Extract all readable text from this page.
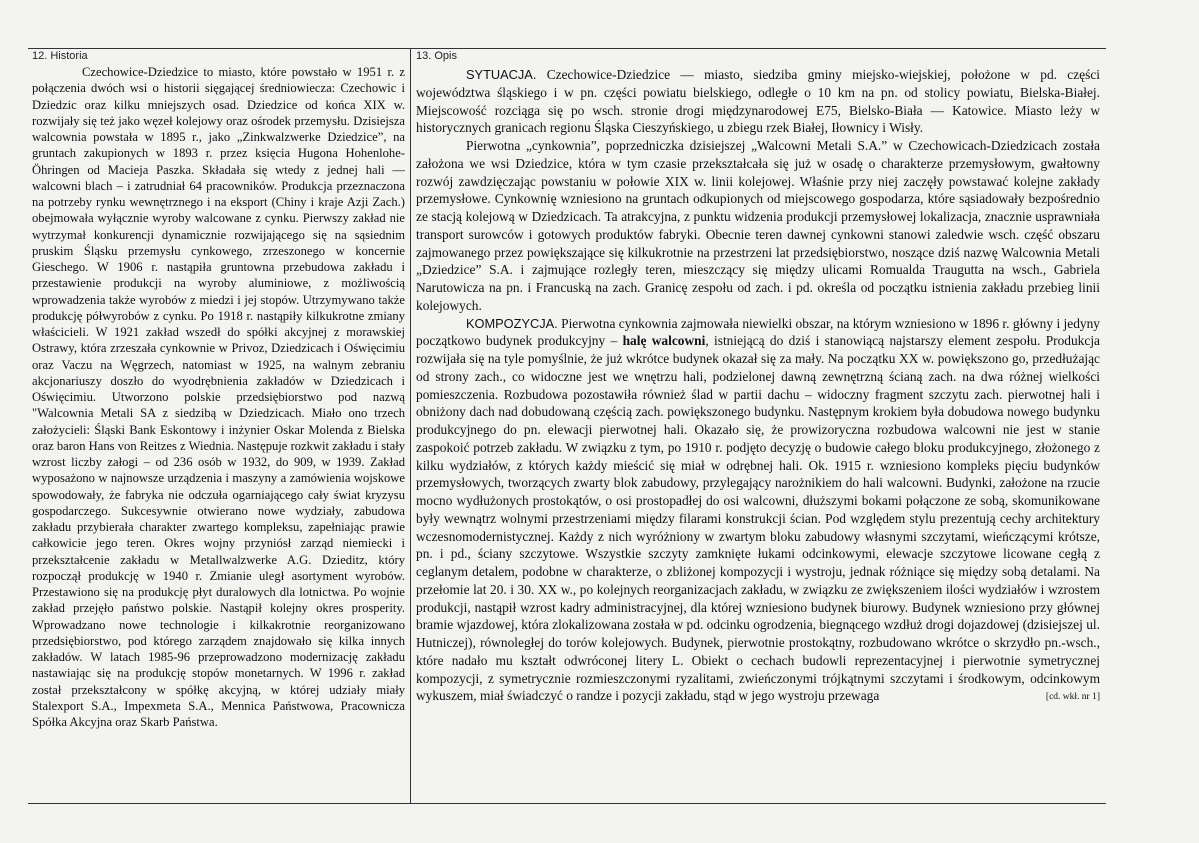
12. Historia	13. Opis

Czechowice-Dziedzice to miasto, które powstało w 1951 r. z połączenia dwóch wsi o historii sięgającej średniowiecza: Czechowic i Dziedzic oraz kilku mniejszych osad. Dziedzice od końca XIX w. rozwijały się też jako węzeł kolejowy oraz ośrodek przemysłu. Dzisiejsza walcownia powstała w 1895 r., jako „Zinkwalzwerke Dziedzice”, na gruntach zakupionych w 1893 r. przez księcia Hugona Hohenlohe-Öhringen od Macieja Paszka. Składała się wtedy z jednej hali — walcowni blach – i zatrudniał 64 pracowników. Produkcja przeznaczona na potrzeby rynku wewnętrznego i na eksport (Chiny i kraje Azji Zach.) obejmowała wyłącznie wyroby walcowane z cynku. Pierwszy zakład nie wytrzymał konkurencji dynamicznie rozwijającego się na sąsiednim pruskim Śląsku przemysłu cynkowego, zrzeszonego w koncernie Gieschego. W 1906 r. nastąpiła gruntowna przebudowa zakładu i przestawienie produkcji na wyroby aluminiowe, z możliwością wprowadzenia także wyrobów z miedzi i jej stopów. Utrzymywano także produkcję półwyrobów z cynku. Po 1918 r. nastąpiły kilkukrotne zmiany właścicieli. W 1921 zakład wszedł do spółki akcyjnej z morawskiej Ostrawy, która zrzeszała cynkownie w Privoz, Dziedzicach i Oświęcimiu oraz Vaczu na Węgrzech, natomiast w 1925, na walnym zebraniu akcjonariuszy doszło do wyodrębnienia zakładów w Dziedzicach i Oświęcimiu. Utworzono polskie przedsiębiorstwo pod nazwą "Walcownia Metali SA z siedzibą w Dziedzicach. Miało ono trzech założycieli: Śląski Bank Eskontowy i inżynier Oskar Molenda z Bielska oraz baron Hans von Reitzes z Wiednia. Następuje rozkwit zakładu i stały wzrost liczby załogi – od 236 osób w 1932, do 909, w 1939. Zakład wyposażono w najnowsze urządzenia i maszyny a zamówienia wojskowe spowodowały, że fabryka nie odczuła ogarniającego cały świat kryzysu gospodarczego. Sukcesywnie otwierano nowe wydziały, zabudowa zakładu przybierała charakter zwartego kompleksu, zapełniając prawie całkowicie jego teren. Okres wojny przyniósł zarząd niemiecki i przekształcenie zakładu w Metallwalzwerke A.G. Dzieditz, który rozpoczął produkcję w 1940 r. Zmianie uległ asortyment wyrobów. Przestawiono się na produkcję płyt duralowych dla lotnictwa. Po wojnie zakład przejęło państwo polskie. Nastąpił kolejny okres prosperity. Wprowadzano nowe technologie i kilkakrotnie reorganizowano przedsiębiorstwo, pod którego zarządem znajdowało się kilka innych zakładów. W latach 1985-96 przeprowadzono modernizację zakładu nastawiając się na produkcję stopów monetarnych. W 1996 r. zakład został przekształcony w spółkę akcyjną, w której udziały miały Stalexport S.A., Impexmeta S.A., Mennica Państwowa, Pracownicza Spółka Akcyjna oraz Skarb Państwa.

SYTUACJA. Czechowice-Dziedzice — miasto, siedziba gminy miejsko-wiejskiej, położone w pd. części województwa śląskiego i w pn. części powiatu bielskiego, odległe o 10 km na pn. od stolicy powiatu, Bielska-Białej. Miejscowość rozciąga się po wsch. stronie drogi międzynarodowej E75, Bielsko-Biała — Katowice. Miasto leży w historycznych granicach regionu Śląska Cieszyńskiego, u zbiegu rzek Białej, Iłownicy i Wisły.

Pierwotna „cynkownia”, poprzedniczka dzisiejszej „Walcowni Metali S.A.” w Czechowicach-Dziedzicach została założona we wsi Dziedzice, która w tym czasie przekształcała się już w osadę o charakterze przemysłowym, gwałtowny rozwój zawdzięczając powstaniu w połowie XIX w. linii kolejowej. Właśnie przy niej zaczęły powstawać kolejne zakłady przemysłowe. Cynkownię wzniesiono na gruntach odkupionych od miejscowego gospodarza, które sąsiadowały bezpośrednio ze stacją kolejową w Dziedzicach. Ta atrakcyjna, z punktu widzenia produkcji przemysłowej lokalizacja, znacznie usprawniała transport surowców i gotowych produktów fabryki. Obecnie teren dawnej cynkowni stanowi zaledwie wsch. część obszaru zajmowanego przez powiększające się kilkukrotnie na przestrzeni lat przedsiębiorstwo, noszące dziś nazwę Walcownia Metali „Dziedzice” S.A. i zajmujące rozległy teren, mieszczący się między ulicami Romualda Traugutta na wsch., Gabriela Narutowicza na pn. i Francuską na zach. Granicę zespołu od zach. i pd. określa od początku istnienia zakładu przebieg linii kolejowych.

KOMPOZYCJA. Pierwotna cynkownia zajmowała niewielki obszar, na którym wzniesiono w 1896 r. główny i jedyny początkowo budynek produkcyjny – halę walcowni, istniejącą do dziś i stanowiącą najstarszy element zespołu. Produkcja rozwijała się na tyle pomyślnie, że już wkrótce budynek okazał się za mały. Na początku XX w. powiększono go, przedłużając od strony zach., co widoczne jest we wnętrzu hali, podzielonej dawną zewnętrzną ścianą zach. na dwa różnej wielkości pomieszczenia. Rozbudowa pozostawiła również ślad w partii dachu – widoczny fragment szczytu zach. pierwotnej hali i obniżony dach nad dobudowaną częścią zach. powiększonego budynku. Następnym krokiem była dobudowa nowego budynku produkcyjnego do pn. elewacji pierwotnej hali. Okazało się, że prowizoryczna rozbudowa walcowni nie jest w stanie zaspokoić potrzeb zakładu. W związku z tym, po 1910 r. podjęto decyzję o budowie całego bloku produkcyjnego, złożonego z kilku wydziałów, z których każdy mieścić się miał w odrębnej hali. Ok. 1915 r. wzniesiono kompleks pięciu budynków przemysłowych, tworzących zwarty blok zabudowy, przylegający narożnikiem do hali walcowni. Budynki, założone na rzucie mocno wydłużonych prostokątów, o osi prostopadłej do osi walcowni, dłuższymi bokami połączone ze sobą, skomunikowane były wewnątrz wolnymi przestrzeniami między filarami konstrukcji ścian. Pod względem stylu prezentują cechy architektury wczesnomodernistycznej. Każdy z nich wyróżniony w zwartym bloku zabudowy własnymi szczytami, wieńczącymi krótsze, pn. i pd., ściany szczytowe. Wszystkie szczyty zamknięte łukami odcinkowymi, elewacje szczytowe licowane cegłą z ceglanym detalem, podobne w charakterze, o zbliżonej kompozycji i wystroju, jednak różniące się między sobą detalami. Na przełomie lat 20. i 30. XX w., po kolejnych reorganizacjach zakładu, w związku ze zwiększeniem ilości wydziałów i wzrostem produkcji, nastąpił wzrost kadry administracyjnej, dla której wzniesiono budynek biurowy. Budynek wzniesiono przy głównej bramie wjazdowej, która zlokalizowana została w pd. odcinku ogrodzenia, biegnącego wzdłuż drogi dojazdowej (dzisiejszej ul. Hutniczej), równoległej do torów kolejowych. Budynek, pierwotnie prostokątny, rozbudowano wkrótce o skrzydło pn.-wsch., które nadało mu kształt odwróconej litery L. Obiekt o cechach budowli reprezentacyjnej i pierwotnie symetrycznej kompozycji, z symetrycznie rozmieszczonymi ryzalitami, zwieńczonymi trójkątnymi szczytami i środkowym, odcinkowym wykuszem, miał świadczyć o randze i pozycji zakładu, stąd w jego wystroju przewaga	[cd. wkł. nr 1]
